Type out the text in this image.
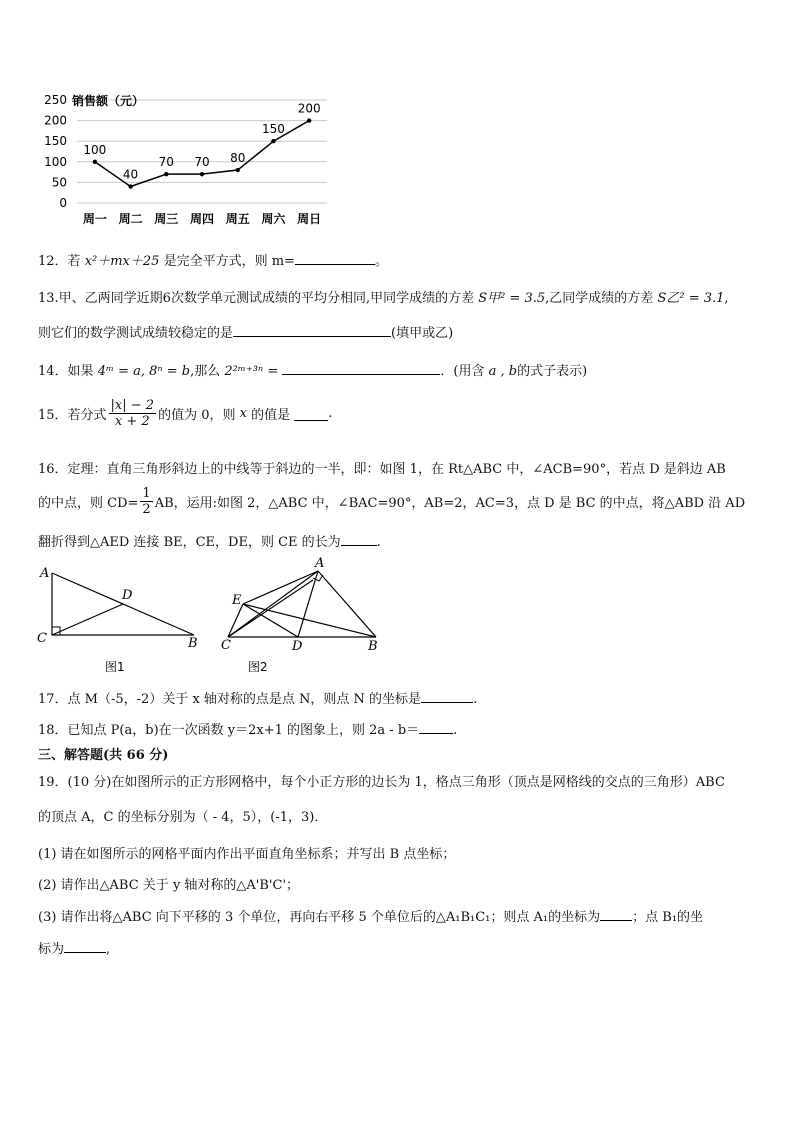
250
200
150
100
50
0
周一 周二 周三 周四 周五 周六 周日
100
40
70 70 80
150
200
销售额（元）
12．若 x²＋mx＋25 是完全平方式，则 m=	。
13.甲、乙两同学近期6次数学单元测试成绩的平均分相同,甲同学成绩的方差 S甲² = 3.5,乙同学成绩的方差 S乙² = 3.1,
则它们的数学测试成绩较稳定的是	(填甲或乙)
14．如果 4ᵐ = a, 8ⁿ = b,那么 2²ᵐ⁺³ⁿ =	．(用含 a , b的式子表示)
15．若分式
|x| − 2
x + 2 的值为 0，则
x
的值是
	.
16．定理：直角三角形斜边上的中线等于斜边的一半，即：如图 1，在 Rt△ABC 中，∠ACB=90°，若点 D 是斜边 AB
的中点，则 $CD= \frac{1}{2}$ AB，运用:如图 2，△ABC 中，∠BAC=90°，AB=2，AC=3，点 D 是 BC 的中点，将△ABD 沿 AD
翻折得到△AED 连接 BE，CE，DE，则 CE 的长为	.
A
D
C	B
图1
A
E
C	D	B
图2
17．点 M（-5，-2）关于 x 轴对称的点是点 N，则点 N 的坐标是	.
18．已知点 P(a，b)在一次函数 y＝2x+1 的图象上，则 2a - b＝	.
三、解答题(共 66 分)
19．(10 分)在如图所示的正方形网格中，每个小正方形的边长为 1，格点三角形（顶点是网格线的交点的三角形）ABC
的顶点 A，C 的坐标分别为（ - 4，5），(-1，3)．
(1) 请在如图所示的网格平面内作出平面直角坐标系；并写出 B 点坐标；
(2) 请作出△ABC 关于 y 轴对称的△A'B'C'；
(3) 请作出将△ABC 向下平移的 3 个单位，再向右平移 5 个单位后的△A₁B₁C₁；则点 A₁的坐标为 ；点 B₁的坐
标为	,
